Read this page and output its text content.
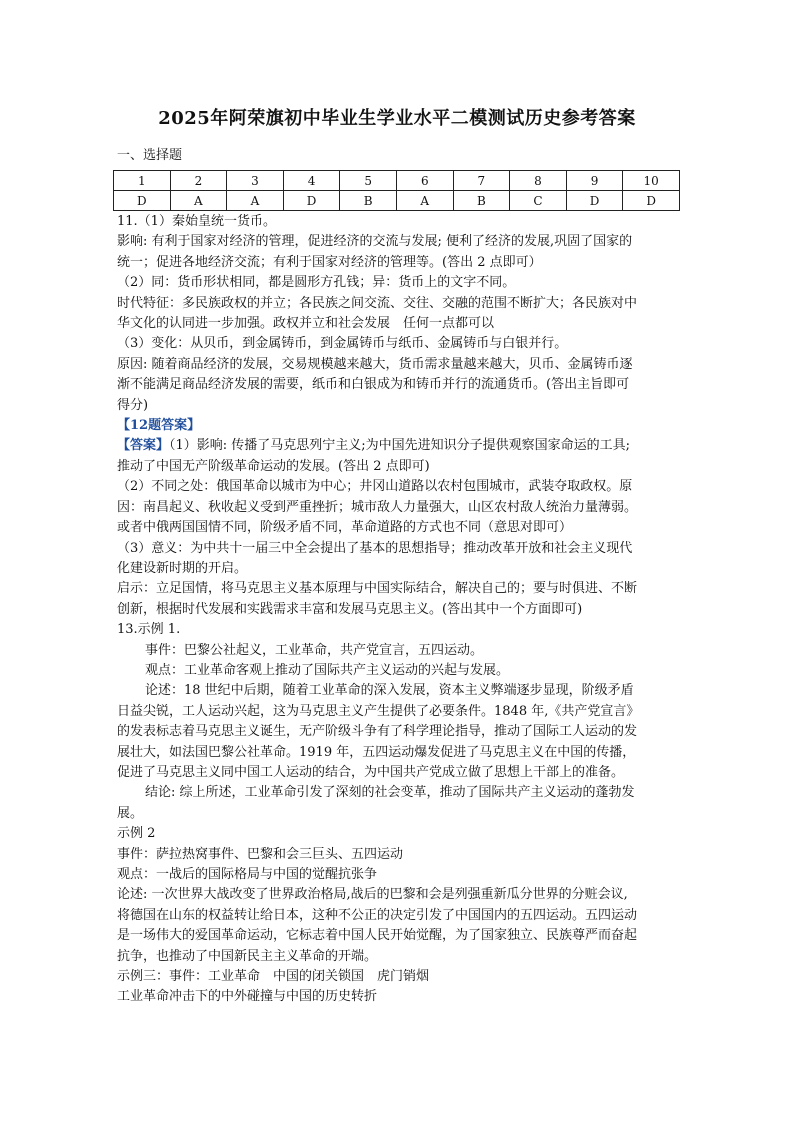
2025年阿荣旗初中毕业生学业水平二模测试历史参考答案
一、选择题
1	2	3	4	5	6	7	8	9	10
D	A	A	D	B	A	B	C	D	D

11.（1）秦始皇统一货币。

影响: 有利于国家对经济的管理，促进经济的交流与发展; 便利了经济的发展,巩固了国家的

统一；促进各地经济交流；有利于国家对经济的管理等。(答出 2 点即可）

（2）同：货币形状相同，都是圆形方孔钱；异：货币上的文字不同。

时代特征：多民族政权的并立；各民族之间交流、交往、交融的范围不断扩大；各民族对中

华文化的认同进一步加强。政权并立和社会发展　任何一点都可以

（3）变化：从贝币，到金属铸币，到金属铸币与纸币、金属铸币与白银并行。

原因: 随着商品经济的发展，交易规模越来越大，货币需求量越来越大，贝币、金属铸币逐

渐不能满足商品经济发展的需要，纸币和白银成为和铸币并行的流通货币。(答出主旨即可

得分)

【12题答案】

【答案】（1）影响: 传播了马克思列宁主义;为中国先进知识分子提供观察国家命运的工具;

推动了中国无产阶级革命运动的发展。(答出 2 点即可)

（2）不同之处：俄国革命以城市为中心；井冈山道路以农村包围城市，武装夺取政权。原

因：南昌起义、秋收起义受到严重挫折；城市敌人力量强大，山区农村敌人统治力量薄弱。

或者中俄两国国情不同，阶级矛盾不同，革命道路的方式也不同（意思对即可）

（3）意义：为中共十一届三中全会提出了基本的思想指导；推动改革开放和社会主义现代

化建设新时期的开启。

启示：立足国情，将马克思主义基本原理与中国实际结合，解决自己的；要与时俱进、不断

创新，根据时代发展和实践需求丰富和发展马克思主义。(答出其中一个方面即可)

13.示例 1.

事件：巴黎公社起义，工业革命，共产党宣言，五四运动。

观点：工业革命客观上推动了国际共产主义运动的兴起与发展。

论述：18 世纪中后期，随着工业革命的深入发展，资本主义弊端逐步显现，阶级矛盾

日益尖锐，工人运动兴起，这为马克思主义产生提供了必要条件。1848 年,《共产党宣言》

的发表标志着马克思主义诞生，无产阶级斗争有了科学理论指导，推动了国际工人运动的发

展壮大，如法国巴黎公社革命。1919 年，五四运动爆发促进了马克思主义在中国的传播，

促进了马克思主义同中国工人运动的结合，为中国共产党成立做了思想上干部上的准备。

结论: 综上所述，工业革命引发了深刻的社会变革，推动了国际共产主义运动的蓬勃发

展。

示例 2

事件：萨拉热窝事件、巴黎和会三巨头、五四运动

观点：一战后的国际格局与中国的觉醒抗张争

论述: 一次世界大战改变了世界政治格局,战后的巴黎和会是列强重新瓜分世界的分赃会议,

将德国在山东的权益转让给日本，这种不公正的决定引发了中国国内的五四运动。五四运动

是一场伟大的爱国革命运动，它标志着中国人民开始觉醒，为了国家独立、民族尊严而奋起

抗争，也推动了中国新民主主义革命的开端。

示例三：事件：工业革命　中国的闭关锁国　虎门销烟

工业革命冲击下的中外碰撞与中国的历史转折
